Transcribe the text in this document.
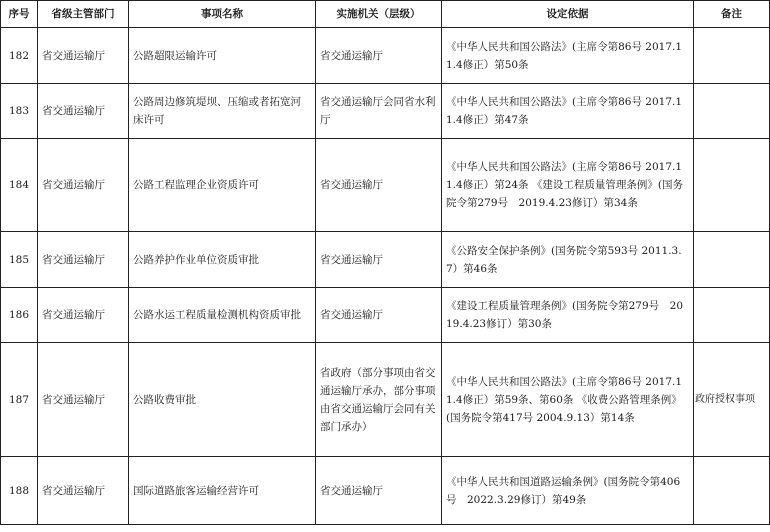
序号	省级主管部门	事项名称	实施机关（层级）	设定依据	备注
182	省交通运输厅	公路超限运输许可	省交通运输厅	《中华人民共和国公路法》(主席令第86号 2017.11.4修正）第50条	
183	省交通运输厅	公路周边修筑堤坝、压缩或者拓宽河床许可	省交通运输厅会同省水利厅	《中华人民共和国公路法》(主席令第86号 2017.11.4修正）第47条	
184	省交通运输厅	公路工程监理企业资质许可	省交通运输厅	《中华人民共和国公路法》(主席令第86号 2017.11.4修正）第24条 《建设工程质量管理条例》(国务院令第279号　2019.4.23修订）第34条	
185	省交通运输厅	公路养护作业单位资质审批	省交通运输厅	《公路安全保护条例》(国务院令第593号 2011.3.7）第46条	
186	省交通运输厅	公路水运工程质量检测机构资质审批	省交通运输厅	《建设工程质量管理条例》(国务院令第279号　2019.4.23修订）第30条	
187	省交通运输厅	公路收费审批	省政府（部分事项由省交通运输厅承办，部分事项由省交通运输厅会同有关部门承办）	《中华人民共和国公路法》(主席令第86号 2017.11.4修正）第59条、第60条 《收费公路管理条例》(国务院令第417号 2004.9.13）第14条	政府授权事项
188	省交通运输厅	国际道路旅客运输经营许可	省交通运输厅	《中华人民共和国道路运输条例》(国务院令第406号　2022.3.29修订）第49条	
